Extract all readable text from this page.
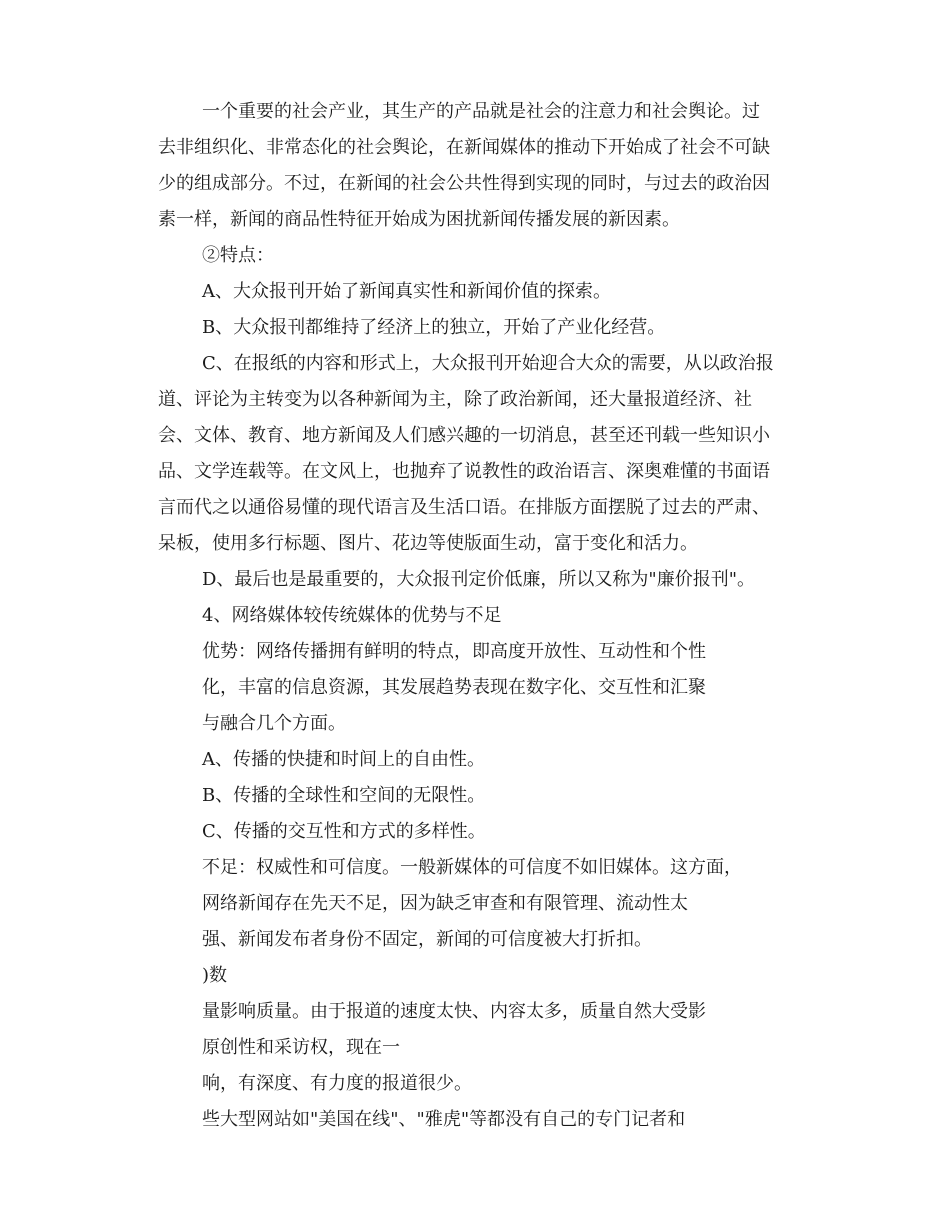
一个重要的社会产业，其生产的产品就是社会的注意力和社会舆论。过
去非组织化、非常态化的社会舆论，在新闻媒体的推动下开始成了社会不可缺
少的组成部分。不过，在新闻的社会公共性得到实现的同时，与过去的政治因
素一样，新闻的商品性特征开始成为困扰新闻传播发展的新因素。
②特点：
A、大众报刊开始了新闻真实性和新闻价值的探索。
B、大众报刊都维持了经济上的独立，开始了产业化经营。
C、在报纸的内容和形式上，大众报刊开始迎合大众的需要，从以政治报
道、评论为主转变为以各种新闻为主，除了政治新闻，还大量报道经济、社
会、文体、教育、地方新闻及人们感兴趣的一切消息，甚至还刊载一些知识小
品、文学连载等。在文风上，也抛弃了说教性的政治语言、深奥难懂的书面语
言而代之以通俗易懂的现代语言及生活口语。在排版方面摆脱了过去的严肃、
呆板，使用多行标题、图片、花边等使版面生动，富于变化和活力。
D、最后也是最重要的，大众报刊定价低廉，所以又称为"廉价报刊"。
4、网络媒体较传统媒体的优势与不足
优势：网络传播拥有鲜明的特点，即高度开放性、互动性和个性
化，丰富的信息资源，其发展趋势表现在数字化、交互性和汇聚
与融合几个方面。
A、传播的快捷和时间上的自由性。
B、传播的全球性和空间的无限性。
C、传播的交互性和方式的多样性。
不足：权威性和可信度。一般新媒体的可信度不如旧媒体。这方面，
网络新闻存在先天不足，因为缺乏审查和有限管理、流动性太
强、新闻发布者身份不固定，新闻的可信度被大打折扣。
)数
量影响质量。由于报道的速度太快、内容太多，质量自然大受影
原创性和采访权，现在一
响，有深度、有力度的报道很少。
些大型网站如"美国在线"、"雅虎"等都没有自己的专门记者和
